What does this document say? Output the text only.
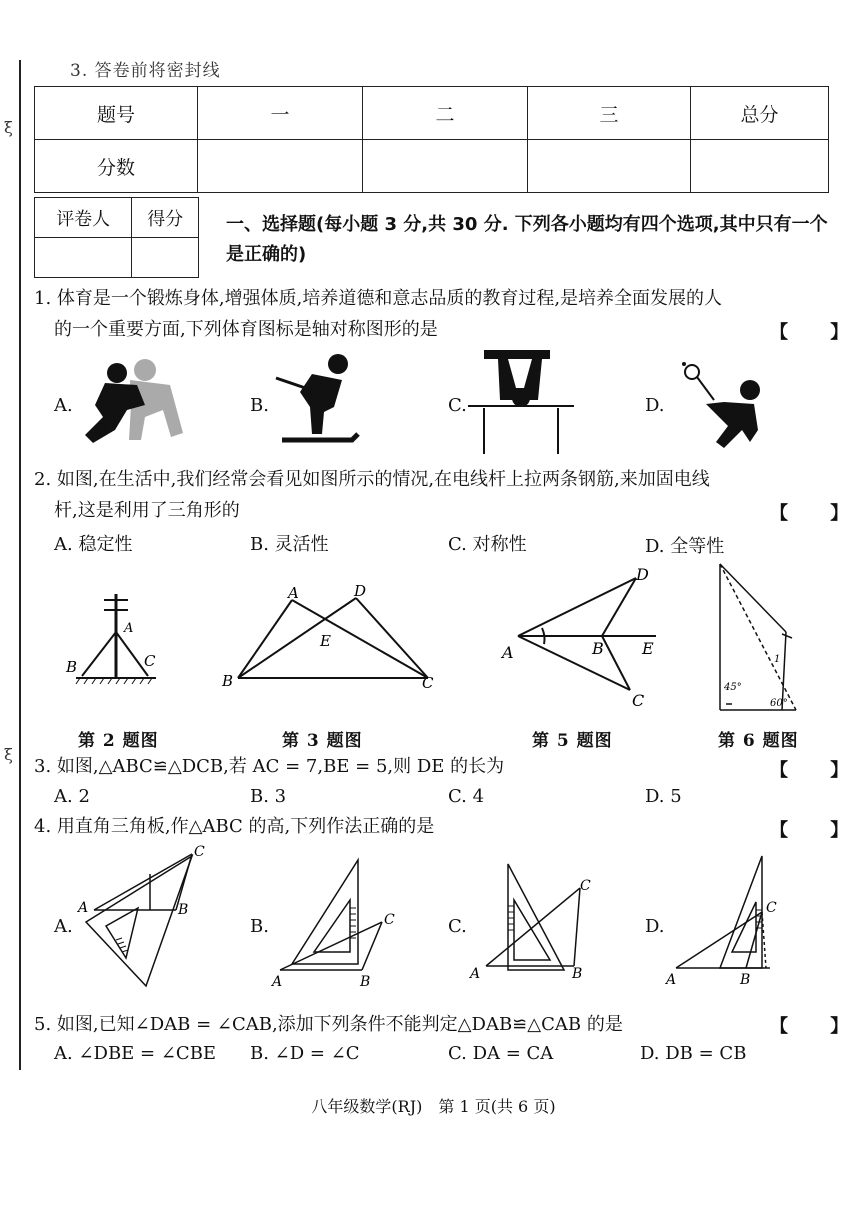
ξ
ξ
3. 答卷前将密封线
题号	一	二	三	总分
分数				
评卷人	得分
	一、选择题(每小题 3 分,共 30 分. 下列各小题均有四个选项,其中只有一个是正确的)
1. 体育是一个锻炼身体,增强体质,培养道德和意志品质的教育过程,是培养全面发展的人
的一个重要方面,下列体育图标是轴对称图形的是	【 】
A.	B.	C.	D.
2. 如图,在生活中,我们经常会看见如图所示的情况,在电线杆上拉两条钢筋,来加固电线
杆,这是利用了三角形的	【 】
A. 稳定性	B. 灵活性	C. 对称性	D. 全等性
A
B	C
A	D
E
B	C
D
A	B E
C
45°
60°
1
第 2 题图	第 3 题图	第 5 题图	第 6 题图
3. 如图,△ABC≌△DCB,若 AC = 7,BE = 5,则 DE 的长为	【 】
A. 2	B. 3	C. 4	D. 5
4. 用直角三角板,作△ABC 的高,下列作法正确的是	【 】
A.	B.	C.	D.
A	B
C
A	B
C
A	B
C
A	B
C
5. 如图,已知∠DAB = ∠CAB,添加下列条件不能判定△DAB≌△CAB 的是	【 】
A. ∠DBE = ∠CBE B. ∠D = ∠C	C. DA = CA	D. DB = CB
八年级数学(RJ)　第 1 页(共 6 页)
